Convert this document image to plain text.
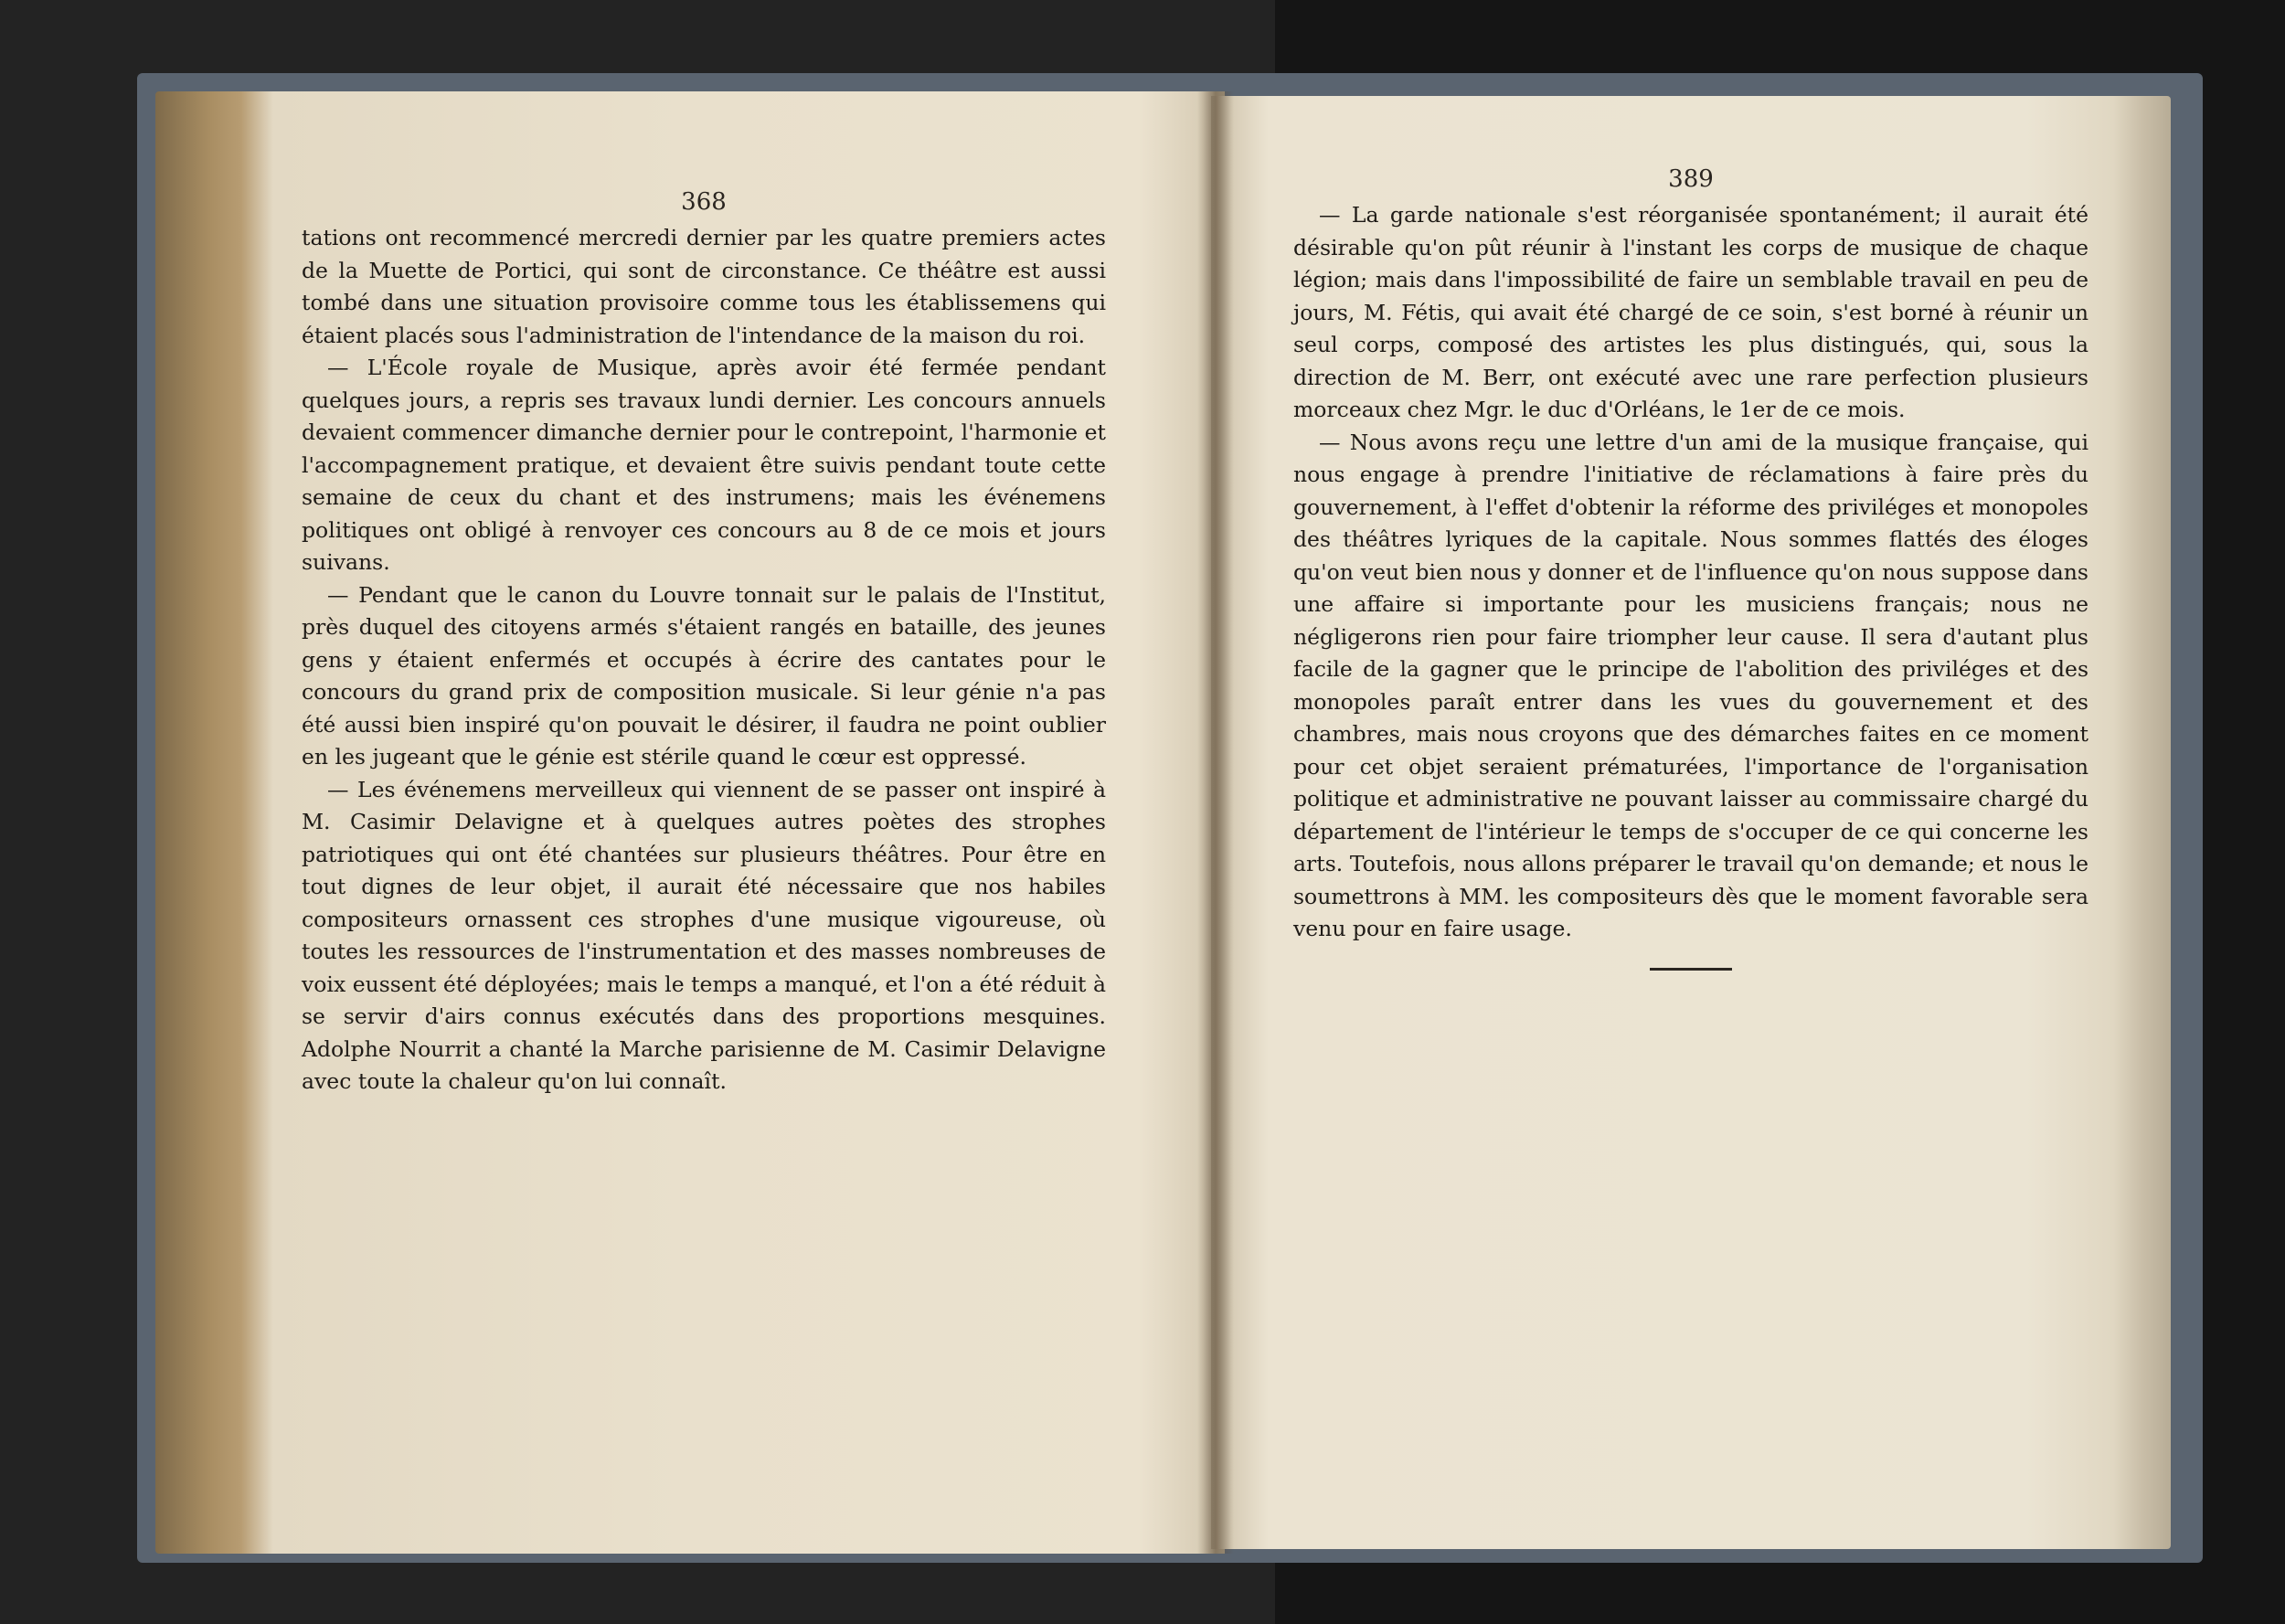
368

tations ont recommencé mercredi dernier par les quatre premiers actes de la Muette de Portici, qui sont de circonstance. Ce théâtre est aussi tombé dans une situation provisoire comme tous les établissemens qui étaient placés sous l'administration de l'intendance de la maison du roi.

— L'École royale de Musique, après avoir été fermée pendant quelques jours, a repris ses travaux lundi dernier. Les concours annuels devaient commencer dimanche dernier pour le contrepoint, l'harmonie et l'accompagnement pratique, et devaient être suivis pendant toute cette semaine de ceux du chant et des instrumens; mais les événemens politiques ont obligé à renvoyer ces concours au 8 de ce mois et jours suivans.

— Pendant que le canon du Louvre tonnait sur le palais de l'Institut, près duquel des citoyens armés s'étaient rangés en bataille, des jeunes gens y étaient enfermés et occupés à écrire des cantates pour le concours du grand prix de composition musicale. Si leur génie n'a pas été aussi bien inspiré qu'on pouvait le désirer, il faudra ne point oublier en les jugeant que le génie est stérile quand le cœur est oppressé.

— Les événemens merveilleux qui viennent de se passer ont inspiré à M. Casimir Delavigne et à quelques autres poètes des strophes patriotiques qui ont été chantées sur plusieurs théâtres. Pour être en tout dignes de leur objet, il aurait été nécessaire que nos habiles compositeurs ornassent ces strophes d'une musique vigoureuse, où toutes les ressources de l'instrumentation et des masses nombreuses de voix eussent été déployées; mais le temps a manqué, et l'on a été réduit à se servir d'airs connus exécutés dans des proportions mesquines. Adolphe Nourrit a chanté la Marche parisienne de M. Casimir Delavigne avec toute la chaleur qu'on lui connaît.

389

— La garde nationale s'est réorganisée spontanément; il aurait été désirable qu'on pût réunir à l'instant les corps de musique de chaque légion; mais dans l'impossibilité de faire un semblable travail en peu de jours, M. Fétis, qui avait été chargé de ce soin, s'est borné à réunir un seul corps, composé des artistes les plus distingués, qui, sous la direction de M. Berr, ont exécuté avec une rare perfection plusieurs morceaux chez Mgr. le duc d'Orléans, le 1er de ce mois.

— Nous avons reçu une lettre d'un ami de la musique française, qui nous engage à prendre l'initiative de réclamations à faire près du gouvernement, à l'effet d'obtenir la réforme des priviléges et monopoles des théâtres lyriques de la capitale. Nous sommes flattés des éloges qu'on veut bien nous y donner et de l'influence qu'on nous suppose dans une affaire si importante pour les musiciens français; nous ne négligerons rien pour faire triompher leur cause. Il sera d'autant plus facile de la gagner que le principe de l'abolition des priviléges et des monopoles paraît entrer dans les vues du gouvernement et des chambres, mais nous croyons que des démarches faites en ce moment pour cet objet seraient prématurées, l'importance de l'organisation politique et administrative ne pouvant laisser au commissaire chargé du département de l'intérieur le temps de s'occuper de ce qui concerne les arts. Toutefois, nous allons préparer le travail qu'on demande; et nous le soumettrons à MM. les compositeurs dès que le moment favorable sera venu pour en faire usage.
